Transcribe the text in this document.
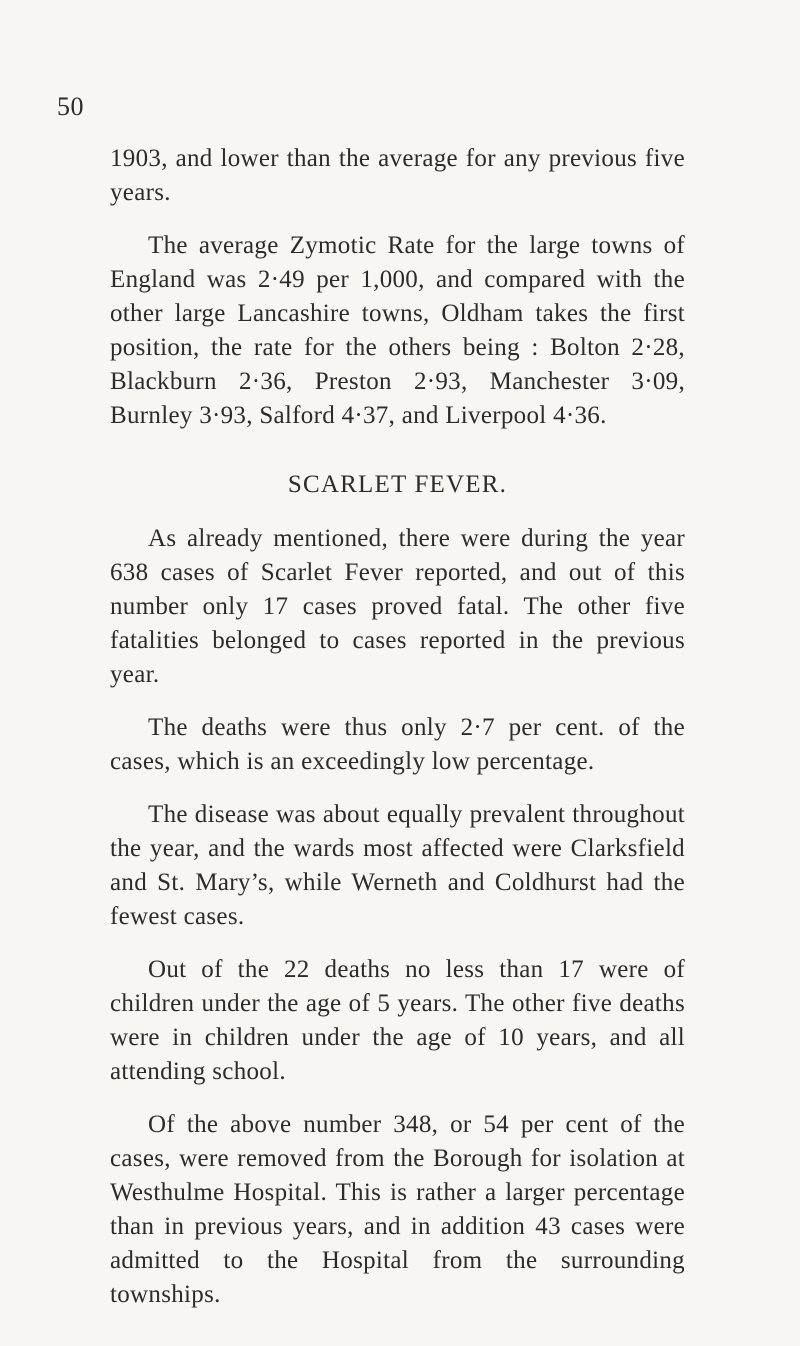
50

1903, and lower than the average for any previous five years.

The average Zymotic Rate for the large towns of England was 2·49 per 1,000, and compared with the other large Lancashire towns, Oldham takes the first position, the rate for the others being : Bolton 2·28, Blackburn 2·36, Preston 2·93, Manchester 3·09, Burnley 3·93, Salford 4·37, and Liverpool 4·36.

SCARLET FEVER.

As already mentioned, there were during the year 638 cases of Scarlet Fever reported, and out of this number only 17 cases proved fatal. The other five fatalities belonged to cases reported in the previous year.

The deaths were thus only 2·7 per cent. of the cases, which is an exceedingly low percentage.

The disease was about equally prevalent throughout the year, and the wards most affected were Clarksfield and St. Mary’s, while Werneth and Coldhurst had the fewest cases.

Out of the 22 deaths no less than 17 were of children under the age of 5 years. The other five deaths were in children under the age of 10 years, and all attending school.

Of the above number 348, or 54 per cent of the cases, were removed from the Borough for isolation at Westhulme Hospital. This is rather a larger percentage than in previous years, and in addition 43 cases were admitted to the Hospital from the surrounding townships.
